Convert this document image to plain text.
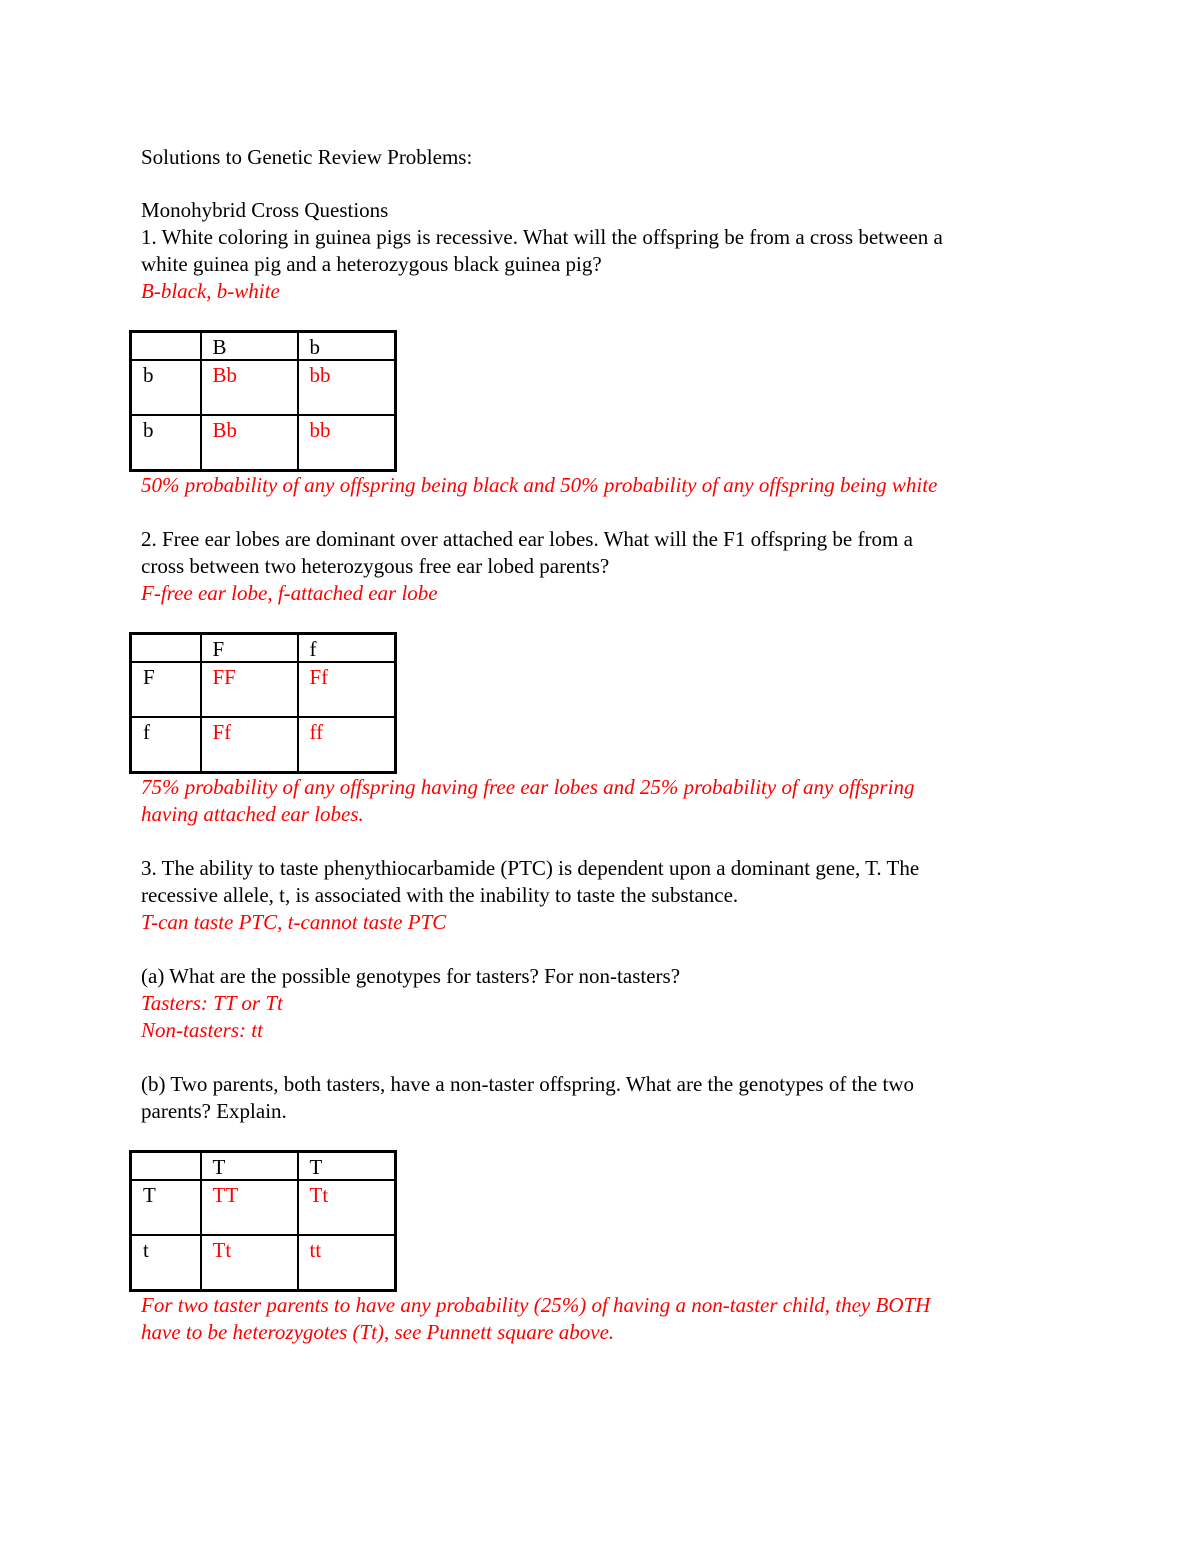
Solutions to Genetic Review Problems:

Monohybrid Cross Questions

1. White coloring in guinea pigs is recessive. What will the offspring be from a cross between a

white guinea pig and a heterozygous black guinea pig?

B-black, b-white

	B	b
b	Bb	bb
b	Bb	bb

50% probability of any offspring being black and 50% probability of any offspring being white

2. Free ear lobes are dominant over attached ear lobes. What will the F1 offspring be from a

cross between two heterozygous free ear lobed parents?

F-free ear lobe, f-attached ear lobe

	F	f
F	FF	Ff
f	Ff	ff

75% probability of any offspring having free ear lobes and 25% probability of any offspring

having attached ear lobes.

3. The ability to taste phenythiocarbamide (PTC) is dependent upon a dominant gene, T. The

recessive allele, t, is associated with the inability to taste the substance.

T-can taste PTC, t-cannot taste PTC

(a) What are the possible genotypes for tasters? For non-tasters?

Tasters: TT or Tt

Non-tasters: tt

(b) Two parents, both tasters, have a non-taster offspring. What are the genotypes of the two

parents? Explain.

	T	T
T	TT	Tt
t	Tt	tt

For two taster parents to have any probability (25%) of having a non-taster child, they BOTH

have to be heterozygotes (Tt), see Punnett square above.
